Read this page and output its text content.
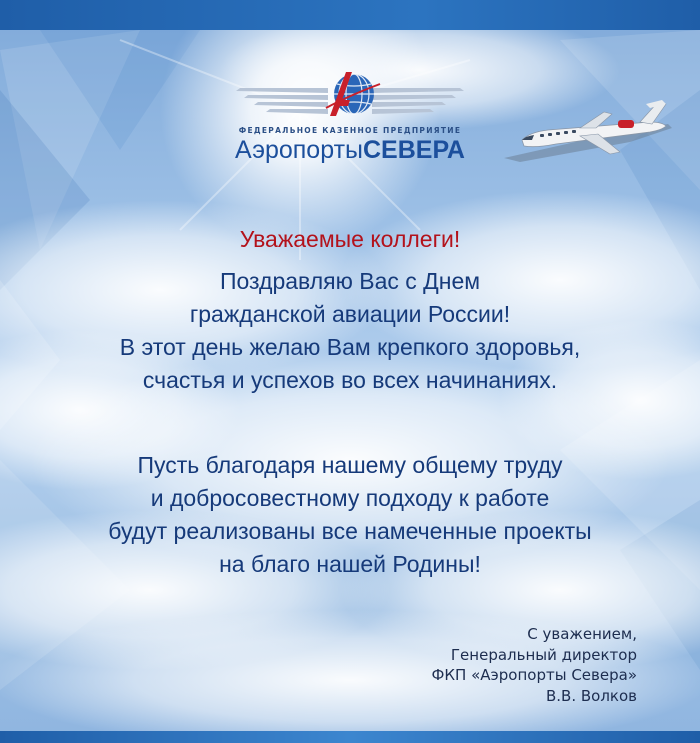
ФЕДЕРАЛЬНОЕ КАЗЕННОЕ ПРЕДПРИЯТИЕ
АэропортыСЕВЕРА
Уважаемые коллеги!
Поздравляю Вас с Днем
гражданской авиации России!
В этот день желаю Вам крепкого здоровья,
счастья и успехов во всех начинаниях.
Пусть благодаря нашему общему труду
и добросовестному подходу к работе
будут реализованы все намеченные проекты
на благо нашей Родины!
С уважением,
Генеральный директор
ФКП «Аэропорты Севера»
В.В. Волков
